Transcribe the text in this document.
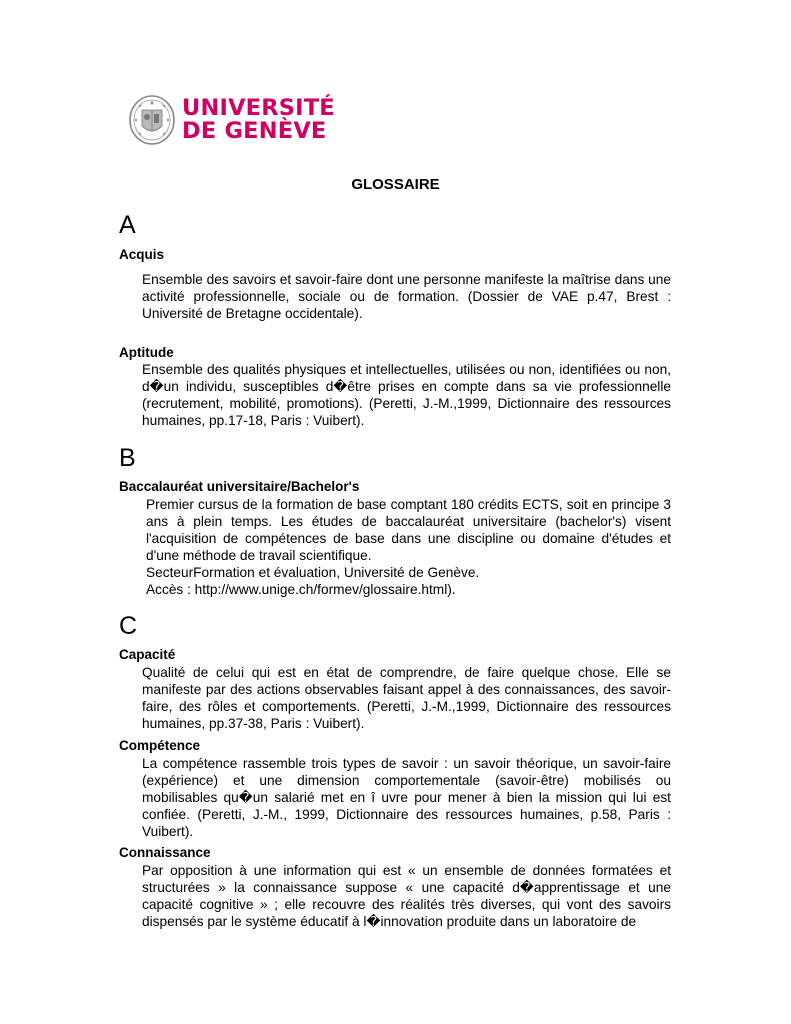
UNIVERSITÉ
DE GENÈVE
GLOSSAIRE
A
Acquis

Ensemble des savoirs et savoir-faire dont une personne manifeste la maîtrise dans une activité professionnelle, sociale ou de formation. (Dossier de VAE p.47, Brest : Université de Bretagne occidentale).

Aptitude

Ensemble des qualités physiques et intellectuelles, utilisées ou non, identifiées ou non, d�un individu, susceptibles d�être prises en compte dans sa vie professionnelle (recrutement, mobilité, promotions). (Peretti, J.-M.,1999, Dictionnaire des ressources humaines, pp.17-18, Paris : Vuibert).

B
Baccalauréat universitaire/Bachelor's

Premier cursus de la formation de base comptant 180 crédits ECTS, soit en principe 3 ans à plein temps. Les études de baccalauréat universitaire (bachelor's) visent l'acquisition de compétences de base dans une discipline ou domaine d'études et d'une méthode de travail scientifique.

SecteurFormation et évaluation, Université de Genève.

Accès : http://www.unige.ch/formev/glossaire.html).

C
Capacité

Qualité de celui qui est en état de comprendre, de faire quelque chose. Elle se manifeste par des actions observables faisant appel à des connaissances, des savoir-faire, des rôles et comportements. (Peretti, J.-M.,1999, Dictionnaire des ressources humaines, pp.37-38, Paris : Vuibert).

Compétence

La compétence rassemble trois types de savoir : un savoir théorique, un savoir-faire (expérience) et une dimension comportementale (savoir-être) mobilisés ou mobilisables qu�un salarié met en î uvre pour mener à bien la mission qui lui est confiée. (Peretti, J.-M., 1999, Dictionnaire des ressources humaines, p.58, Paris : Vuibert).

Connaissance

Par opposition à une information qui est « un ensemble de données formatées et structurées » la connaissance suppose « une capacité d�apprentissage et une capacité cognitive » ; elle recouvre des réalités très diverses, qui vont des savoirs dispensés par le système éducatif à l�innovation produite dans un laboratoire de
